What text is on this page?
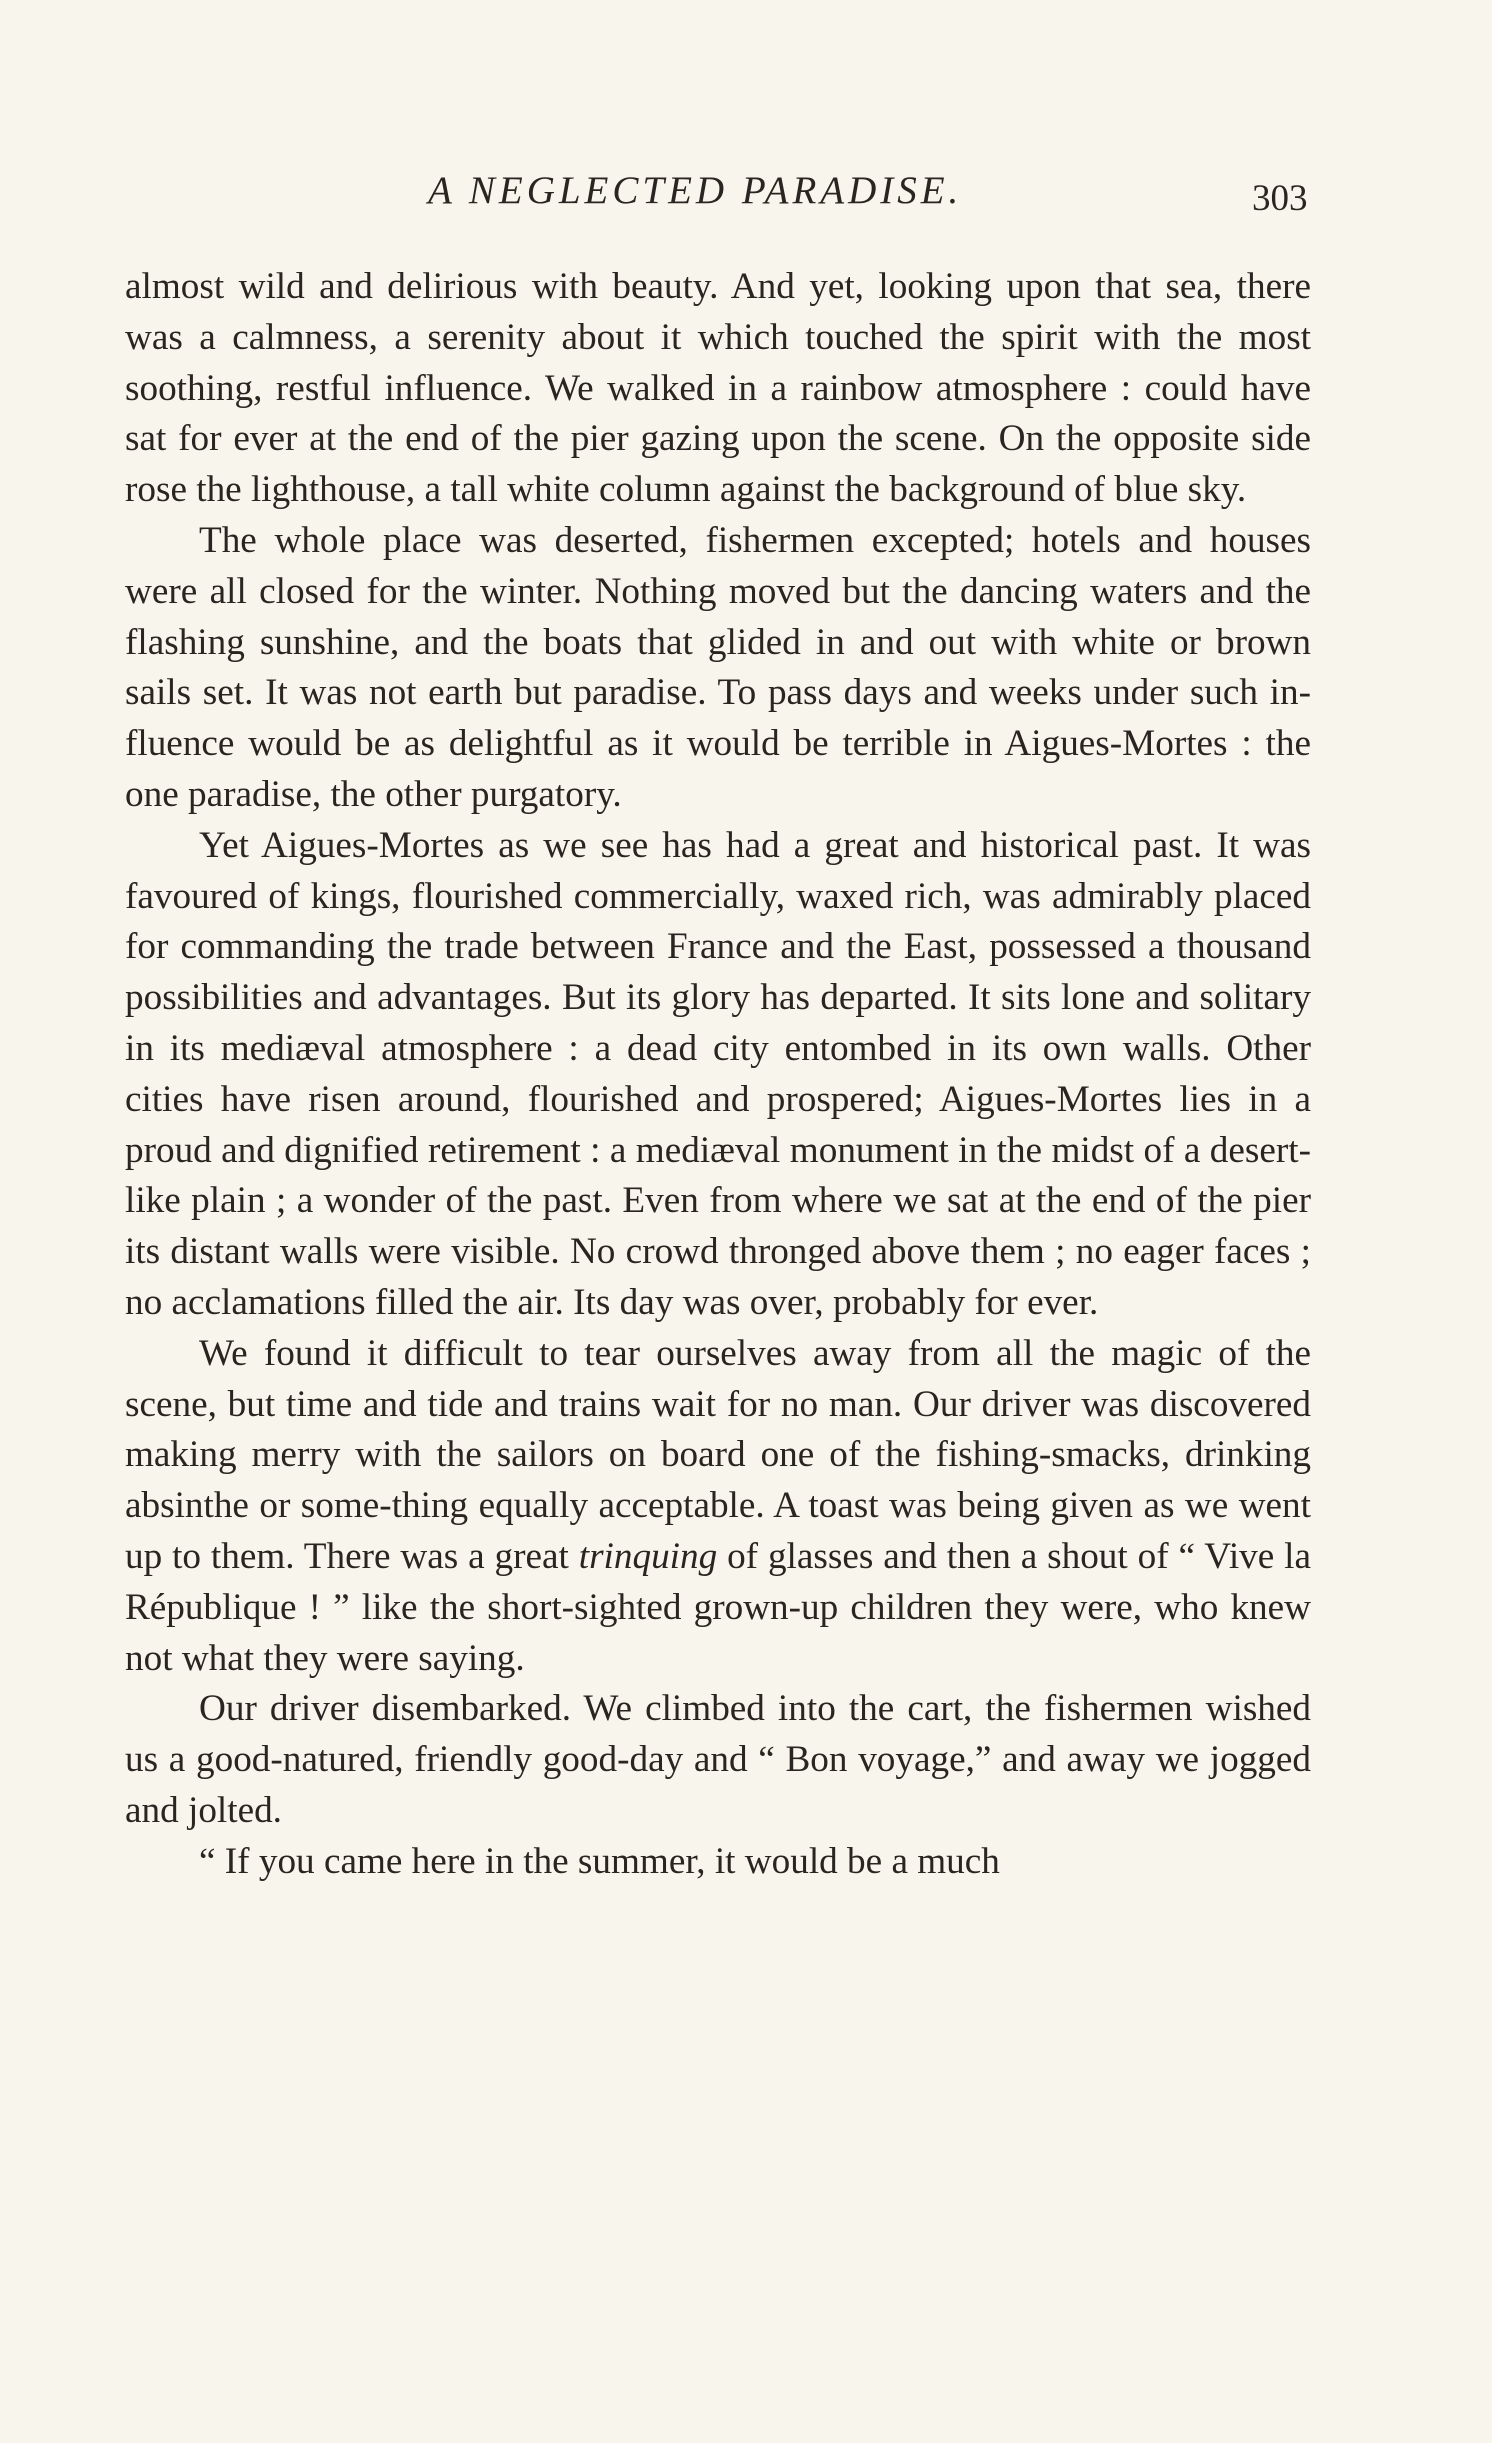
A NEGLECTED PARADISE.	303

almost wild and delirious with beauty. And yet, looking upon that sea, there was a calmness, a serenity about it which touched the spirit with the most soothing, restful influence. We walked in a rainbow atmosphere : could have sat for ever at the end of the pier gazing upon the scene. On the opposite side rose the lighthouse, a tall white column against the background of blue sky.

The whole place was deserted, fishermen excepted; hotels and houses were all closed for the winter. Nothing moved but the dancing waters and the flashing sunshine, and the boats that glided in and out with white or brown sails set. It was not earth but paradise. To pass days and weeks under such in-fluence would be as delightful as it would be terrible in Aigues-Mortes : the one paradise, the other purgatory.

Yet Aigues-Mortes as we see has had a great and historical past. It was favoured of kings, flourished commercially, waxed rich, was admirably placed for commanding the trade between France and the East, possessed a thousand possibilities and advantages. But its glory has departed. It sits lone and solitary in its mediæval atmosphere : a dead city entombed in its own walls. Other cities have risen around, flourished and prospered; Aigues-Mortes lies in a proud and dignified retirement : a mediæval monument in the midst of a desert-like plain ; a wonder of the past. Even from where we sat at the end of the pier its distant walls were visible. No crowd thronged above them ; no eager faces ; no acclamations filled the air. Its day was over, probably for ever.

We found it difficult to tear ourselves away from all the magic of the scene, but time and tide and trains wait for no man. Our driver was discovered making merry with the sailors on board one of the fishing-smacks, drinking absinthe or some-thing equally acceptable. A toast was being given as we went up to them. There was a great trinquing of glasses and then a shout of “ Vive la République ! ” like the short-sighted grown-up children they were, who knew not what they were saying.

Our driver disembarked. We climbed into the cart, the fishermen wished us a good-natured, friendly good-day and “ Bon voyage,” and away we jogged and jolted.

“ If you came here in the summer, it would be a much
